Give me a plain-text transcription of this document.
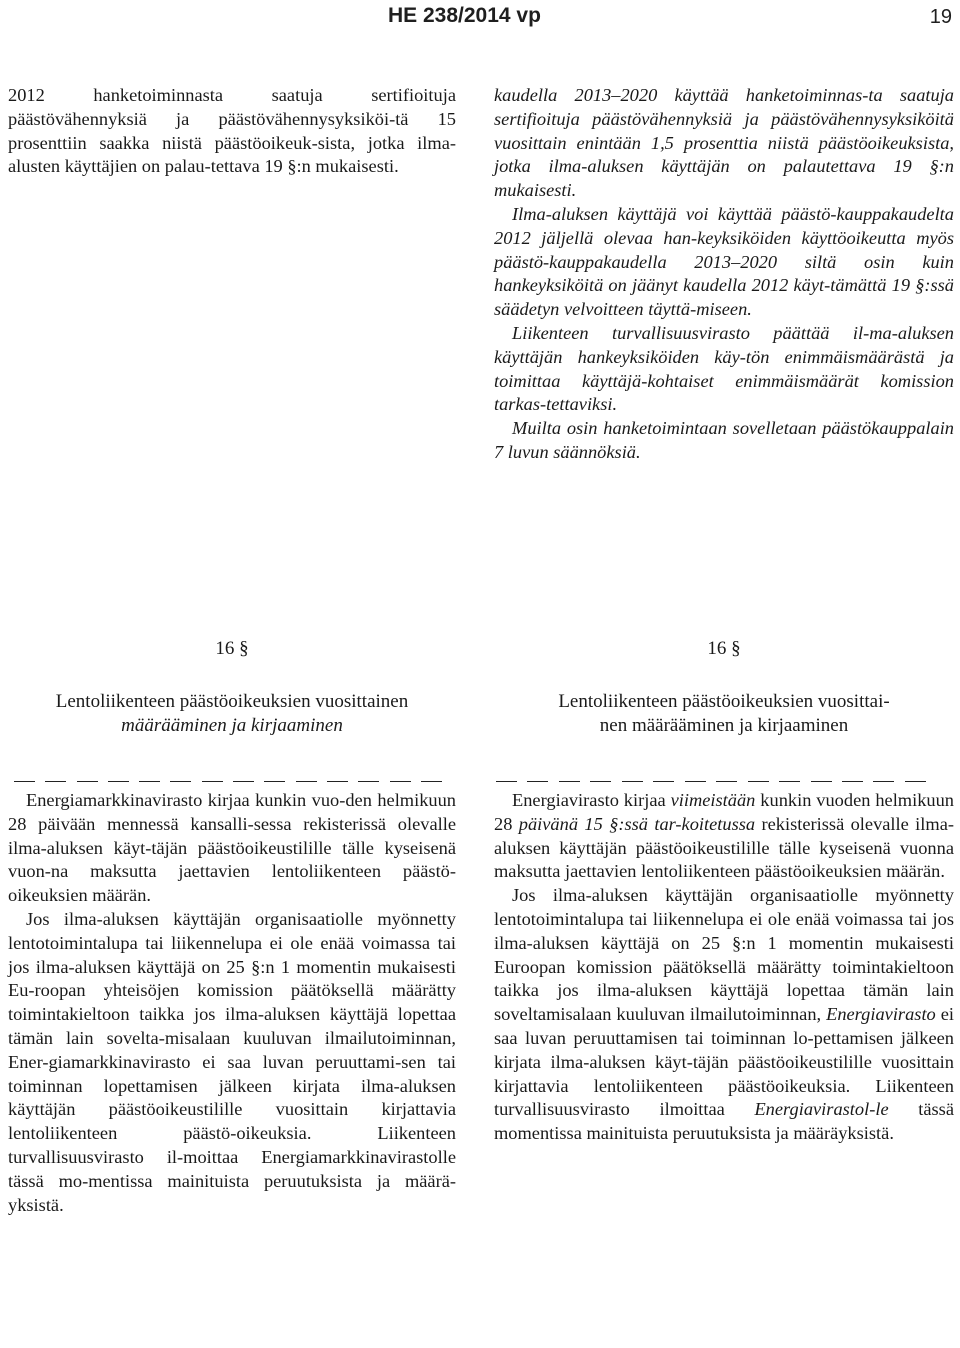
HE 238/2014 vp	19

2012 hanketoiminnasta saatuja sertifioituja päästövähennyksiä ja päästövähennysyksiköi-tä 15 prosenttiin saakka niistä päästöoikeuk-sista, jotka ilma-alusten käyttäjien on palau-tettava 19 §:n mukaisesti.

kaudella 2013–2020 käyttää hanketoiminnas-ta saatuja sertifioituja päästövähennyksiä ja päästövähennysyksiköitä vuosittain enintään 1,5 prosenttia niistä päästöoikeuksista, jotka ilma-aluksen käyttäjän on palautettava 19 §:n mukaisesti.

Ilma-aluksen käyttäjä voi käyttää päästö-kauppakaudelta 2012 jäljellä olevaa han-keyksiköiden käyttöoikeutta myös päästö-kauppakaudella 2013–2020 siltä osin kuin hankeyksiköitä on jäänyt kaudella 2012 käyt-tämättä 19 §:ssä säädetyn velvoitteen täyttä-miseen.

Liikenteen turvallisuusvirasto päättää il-ma-aluksen käyttäjän hankeyksiköiden käy-tön enimmäismäärästä ja toimittaa käyttäjä-kohtaiset enimmäismäärät komission tarkas-tettaviksi.

Muilta osin hanketoimintaan sovelletaan päästökauppalain 7 luvun säännöksiä.

16 §
Lentoliikenteen päästöoikeuksien vuosittainen
määrääminen ja kirjaaminen
16 §
Lentoliikenteen päästöoikeuksien vuosittai-
nen määrääminen ja kirjaaminen

Energiamarkkinavirasto kirjaa kunkin vuo-den helmikuun 28 päivään mennessä kansalli-sessa rekisterissä olevalle ilma-aluksen käyt-täjän päästöoikeustilille tälle kyseisenä vuon-na maksutta jaettavien lentoliikenteen päästö-oikeuksien määrän.

Jos ilma-aluksen käyttäjän organisaatiolle myönnetty lentotoimintalupa tai liikennelupa ei ole enää voimassa tai jos ilma-aluksen käyttäjä on 25 §:n 1 momentin mukaisesti Eu-roopan yhteisöjen komission päätöksellä määrätty toimintakieltoon taikka jos ilma-aluksen käyttäjä lopettaa tämän lain sovelta-misalaan kuuluvan ilmailutoiminnan, Ener-giamarkkinavirasto ei saa luvan peruuttami-sen tai toiminnan lopettamisen jälkeen kirjata ilma-aluksen käyttäjän päästöoikeustilille vuosittain kirjattavia lentoliikenteen päästö-oikeuksia. Liikenteen turvallisuusvirasto il-moittaa Energiamarkkinavirastolle tässä mo-mentissa mainituista peruutuksista ja määrä-yksistä.

Energiavirasto kirjaa viimeistään kunkin vuoden helmikuun 28 päivänä 15 §:ssä tar-koitetussa rekisterissä olevalle ilma-aluksen käyttäjän päästöoikeustilille tälle kyseisenä vuonna maksutta jaettavien lentoliikenteen päästöoikeuksien määrän.

Jos ilma-aluksen käyttäjän organisaatiolle myönnetty lentotoimintalupa tai liikennelupa ei ole enää voimassa tai jos ilma-aluksen käyttäjä on 25 §:n 1 momentin mukaisesti Euroopan komission päätöksellä määrätty toimintakieltoon taikka jos ilma-aluksen käyttäjä lopettaa tämän lain soveltamisalaan kuuluvan ilmailutoiminnan, Energiavirasto ei saa luvan peruuttamisen tai toiminnan lo-pettamisen jälkeen kirjata ilma-aluksen käyt-täjän päästöoikeustilille vuosittain kirjattavia lentoliikenteen päästöoikeuksia. Liikenteen turvallisuusvirasto ilmoittaa Energiavirastol-le tässä momentissa mainituista peruutuksista ja määräyksistä.
